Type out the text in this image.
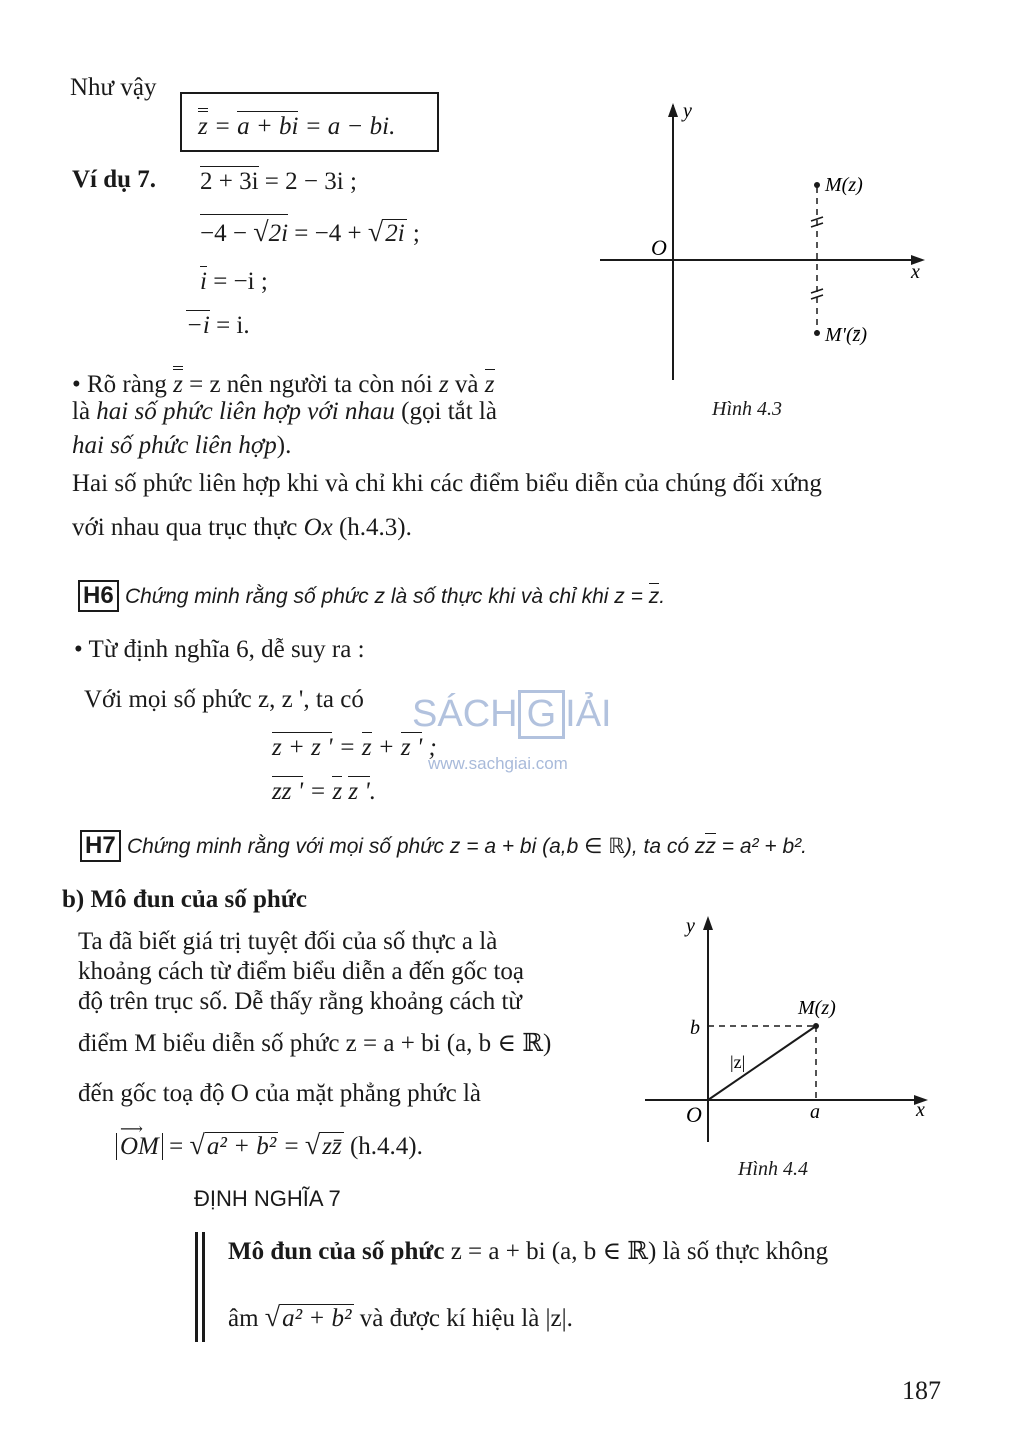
Như vậy
z = a + bi = a − bi.
Ví dụ 7. 2 + 3i = 2 − 3i ;
−4 − √2i = −4 + √2i ;
i = −i ;
−i = i.
y
x
O
M(z)
M'(z̄)
Hình 4.3
• Rõ ràng z = z nên người ta còn nói z và z
là hai số phức liên hợp với nhau (gọi tắt là
hai số phức liên hợp).
Hai số phức liên hợp khi và chỉ khi các điểm biểu diễn của chúng đối xứng
với nhau qua trục thực Ox (h.4.3).
H6 Chứng minh rằng số phức z là số thực khi và chỉ khi z = z.
• Từ định nghĩa 6, dễ suy ra :
Với mọi số phức z, z ', ta có
z + z ' = z + z ' ;
zz ' = z z '.
SÁCH G IẢI
www.sachgiai.com
H7 Chứng minh rằng với mọi số phức z = a + bi (a,b ∈ ℝ), ta có zz = a² + b².
b) Mô đun của số phức
Ta đã biết giá trị tuyệt đối của số thực a là
khoảng cách từ điểm biểu diễn a đến gốc toạ
độ trên trục số. Dễ thấy rằng khoảng cách từ
điểm M biểu diễn số phức z = a + bi (a, b ∈ ℝ)
đến gốc toạ độ O của mặt phẳng phức là
OM
⟶
= √a² + b² = √zz̄ (h.4.4).
y
x
O
M(z)
b
a
|z|
Hình 4.4
ĐỊNH NGHĨA 7
Mô đun của số phức z = a + bi (a, b ∈ ℝ) là số thực không
âm √a² + b² và được kí hiệu là |z|.
187
